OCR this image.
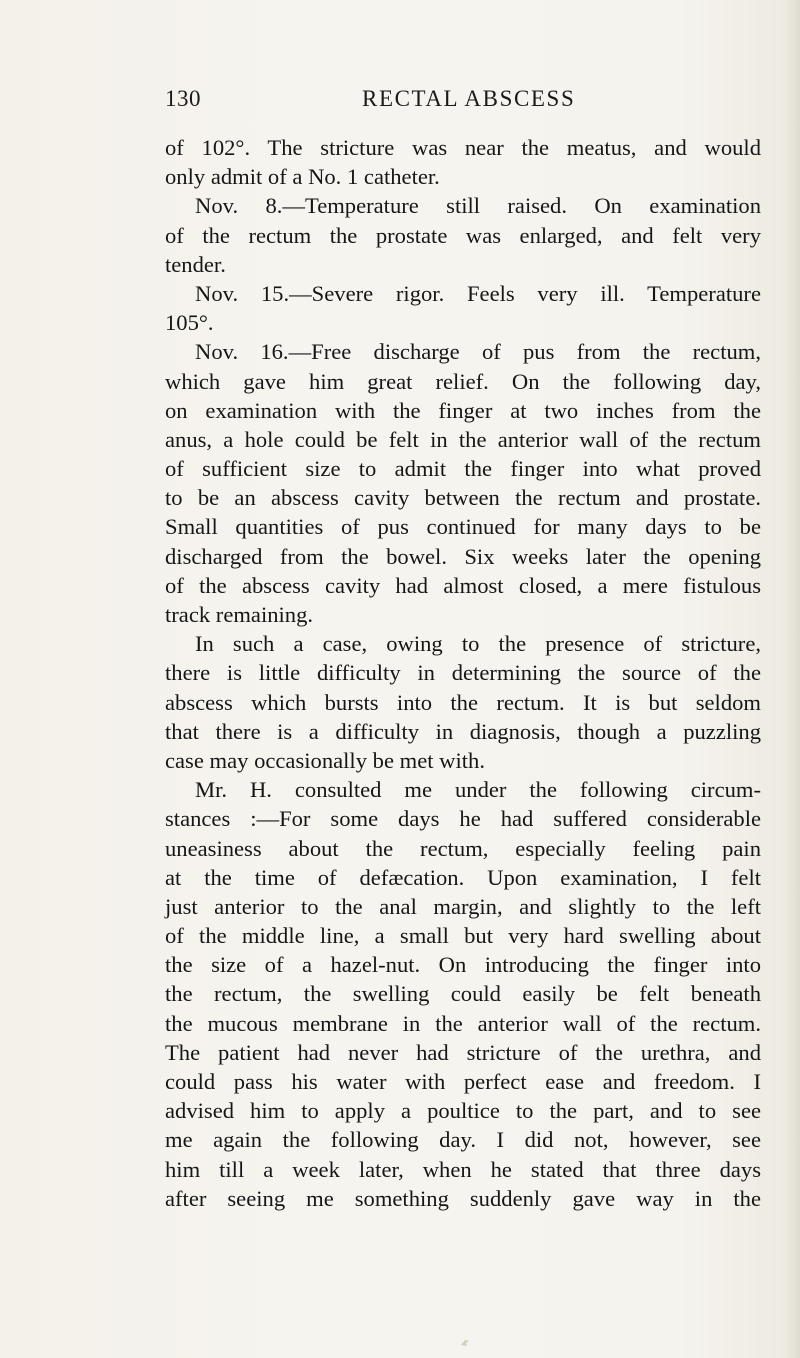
130	RECTAL ABSCESS
of 102°. The stricture was near the meatus, and would
only admit of a No. 1 catheter.
Nov. 8.—Temperature still raised. On examination
of the rectum the prostate was enlarged, and felt very
tender.
Nov. 15.—Severe rigor. Feels very ill. Temperature
105°.
Nov. 16.—Free discharge of pus from the rectum,
which gave him great relief. On the following day,
on examination with the finger at two inches from the
anus, a hole could be felt in the anterior wall of the rectum
of sufficient size to admit the finger into what proved
to be an abscess cavity between the rectum and prostate.
Small quantities of pus continued for many days to be
discharged from the bowel. Six weeks later the opening
of the abscess cavity had almost closed, a mere fistulous
track remaining.
In such a case, owing to the presence of stricture,
there is little difficulty in determining the source of the
abscess which bursts into the rectum. It is but seldom
that there is a difficulty in diagnosis, though a puzzling
case may occasionally be met with.
Mr. H. consulted me under the following circum-
stances :—For some days he had suffered considerable
uneasiness about the rectum, especially feeling pain
at the time of defæcation. Upon examination, I felt
just anterior to the anal margin, and slightly to the left
of the middle line, a small but very hard swelling about
the size of a hazel-nut. On introducing the finger into
the rectum, the swelling could easily be felt beneath
the mucous membrane in the anterior wall of the rectum.
The patient had never had stricture of the urethra, and
could pass his water with perfect ease and freedom. I
advised him to apply a poultice to the part, and to see
me again the following day. I did not, however, see
him till a week later, when he stated that three days
after seeing me something suddenly gave way in the
